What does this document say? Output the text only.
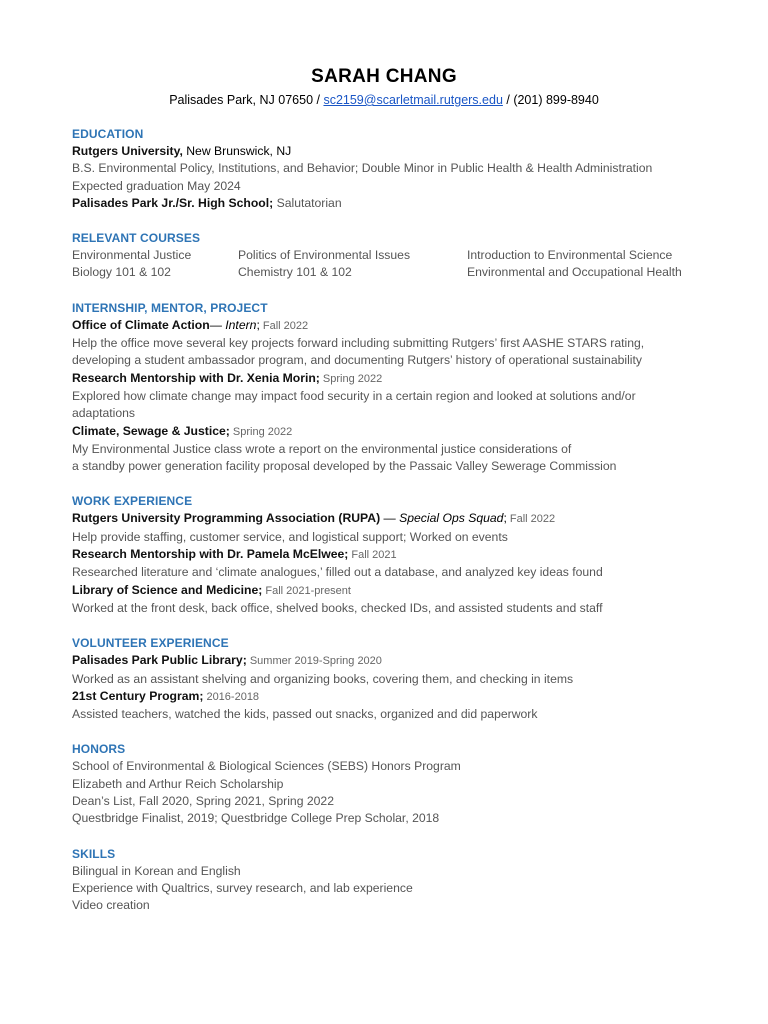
SARAH CHANG
Palisades Park, NJ 07650 / sc2159@scarletmail.rutgers.edu / (201) 899-8940
EDUCATION
Rutgers University, New Brunswick, NJ
B.S. Environmental Policy, Institutions, and Behavior; Double Minor in Public Health & Health Administration
Expected graduation May 2024
Palisades Park Jr./Sr. High School; Salutatorian
RELEVANT COURSES
Environmental Justice	Politics of Environmental Issues	Introduction to Environmental Science
Biology 101 & 102	Chemistry 101 & 102	Environmental and Occupational Health
INTERNSHIP, MENTOR, PROJECT
Office of Climate Action— Intern; Fall 2022
Help the office move several key projects forward including submitting Rutgers’ first AASHE STARS rating,
developing a student ambassador program, and documenting Rutgers’ history of operational sustainability
Research Mentorship with Dr. Xenia Morin; Spring 2022
Explored how climate change may impact food security in a certain region and looked at solutions and/or
adaptations
Climate, Sewage & Justice; Spring 2022
My Environmental Justice class wrote a report on the environmental justice considerations of
a standby power generation facility proposal developed by the Passaic Valley Sewerage Commission
WORK EXPERIENCE
Rutgers University Programming Association (RUPA) — Special Ops Squad; Fall 2022
Help provide staffing, customer service, and logistical support; Worked on events
Research Mentorship with Dr. Pamela McElwee; Fall 2021
Researched literature and ‘climate analogues,’ filled out a database, and analyzed key ideas found
Library of Science and Medicine; Fall 2021-present
Worked at the front desk, back office, shelved books, checked IDs, and assisted students and staff
VOLUNTEER EXPERIENCE
Palisades Park Public Library; Summer 2019-Spring 2020
Worked as an assistant shelving and organizing books, covering them, and checking in items
21st Century Program; 2016-2018
Assisted teachers, watched the kids, passed out snacks, organized and did paperwork
HONORS
School of Environmental & Biological Sciences (SEBS) Honors Program
Elizabeth and Arthur Reich Scholarship
Dean’s List, Fall 2020, Spring 2021, Spring 2022
Questbridge Finalist, 2019; Questbridge College Prep Scholar, 2018
SKILLS
Bilingual in Korean and English
Experience with Qualtrics, survey research, and lab experience
Video creation
